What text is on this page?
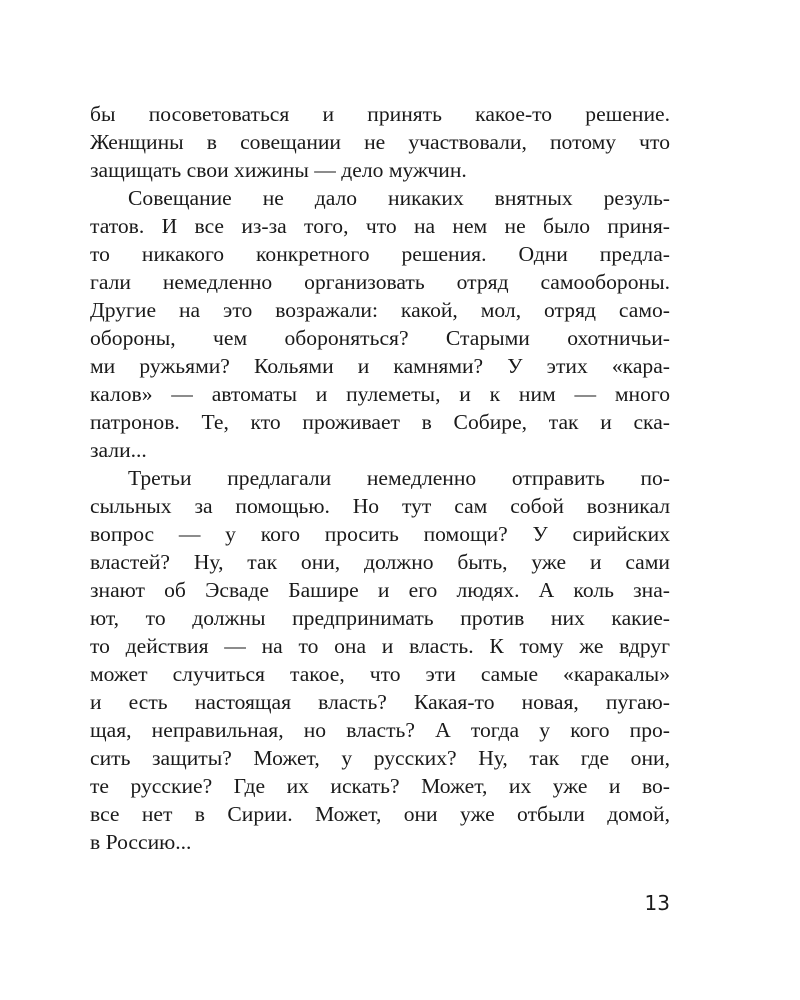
бы посоветоваться и принять какое-то решение.
Женщины в совещании не участвовали, потому что
защищать свои хижины — дело мужчин.
Совещание не дало никаких внятных резуль-
татов. И все из-за того, что на нем не было приня-
то никакого конкретного решения. Одни предла-
гали немедленно организовать отряд самообороны.
Другие на это возражали: какой, мол, отряд само-
обороны, чем обороняться? Старыми охотничьи-
ми ружьями? Кольями и камнями? У этих «кара-
калов» — автоматы и пулеметы, и к ним — много
патронов. Те, кто проживает в Собире, так и ска-
зали...
Третьи предлагали немедленно отправить по-
сыльных за помощью. Но тут сам собой возникал
вопрос — у кого просить помощи? У сирийских
властей? Ну, так они, должно быть, уже и сами
знают об Эсваде Башире и его людях. А коль зна-
ют, то должны предпринимать против них какие-
то действия — на то она и власть. К тому же вдруг
может случиться такое, что эти самые «каракалы»
и есть настоящая власть? Какая-то новая, пугаю-
щая, неправильная, но власть? А тогда у кого про-
сить защиты? Может, у русских? Ну, так где они,
те русские? Где их искать? Может, их уже и во-
все нет в Сирии. Может, они уже отбыли домой,
в Россию...
13
